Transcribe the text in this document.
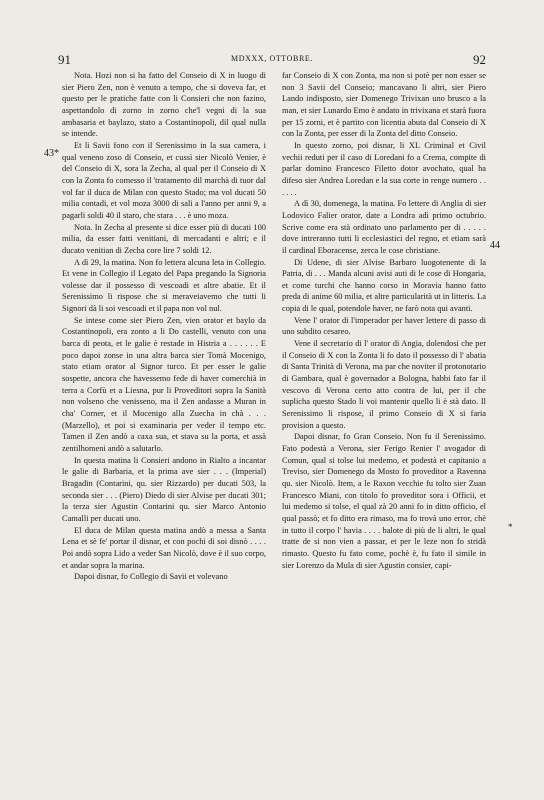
91	MDXXX, OTTOBRE.	92
43*
44
*

Nota. Hozi non si ha fatto del Conseio di X in luogo di sier Piero Zen, non è venuto a tempo, che si doveva far, et questo per le pratiche fatte con li Consieri che non fazino, aspettandolo di zorno in zorno che'l vegni di la sua ambasaria et baylazo, stato a Costantinopoli, dil qual nulla se intende.

Et li Savii fono con il Serenissimo in la sua camera, i qual veneno zoso di Conseio, et cussì sier Nicolò Venier, è del Conseio di X, sora la Zecha, al qual per il Conseio di X con la Zonta fo comesso il 'tratamento dil marchà di tuor dal vol far il duca de Milan con questo Stado; ma vol ducati 50 milia contadi, et vol moza 3000 di sali a l'anno per anni 9, a pagarli soldi 40 il staro, che stara . . . è uno moza.

Nota. In Zecha al presente si dice esser più di ducati 100 milia, da esser fatti venitiani, di mercadanti e altri; e il ducato venitian di Zecha core lire 7 soldi 12.

A dì 29, la matina. Non fo lettera alcuna leta in Collegio. Et vene in Collegio il Legato del Papa pregando la Signoria volesse dar il possesso di vescoadi et altre abatie. Et il Serenissimo li rispose che si meraveiavemo che tutti li Signori dà li soi vescoadi et il papa non vol nul.

Se intese come sier Piero Zen, vien orator et baylo da Costantinopoli, era zonto a li Do castelli, venuto con una barca di peota, et le galie è restade in Histria a . . . . . . E poco dapoi zonse in una altra barca sier Tomà Mocenigo, stato etiam orator al Signor turco. Et per esser le galie sospette, ancora che havessemo fede di haver comerchià in terra a Corfù et a Liesna, pur li Proveditori sopra la Sanità non volseno che venisseno, ma il Zen andasse a Muran in cha' Corner, et il Mocenigo alla Zuecha in chà . . . (Marzello), et poi si examinaria per veder il tempo etc. Tamen il Zen andò a caxa sua, et stava su la porta, et assà zentilhomeni andò a salutarlo.

In questa matina li Consieri andono in Rialto a incantar le galie di Barbaria, et la prima ave sier . . . (Imperial) Bragadin (Contarini, qu. sier Rizzardo) per ducati 503, la seconda sier . . . (Piero) Diedo di sier Alvise per ducati 301; la terza sier Agustin Contarini qu. sier Marco Antonio Camalli per ducati uno.

El duca de Milan questa matina andò a messa a Santa Lena et sè fe' portar il disnar, et con pochi di soi disnò . . . . Poi andò sopra Lido a veder San Nicolò, dove è il suo corpo, et andar sopra la marina.

Dapoi disnar, fo Collegio di Savii et volevano

far Conseio di X con Zonta, ma non si potè per non esser se non 3 Savii del Conseio; mancavano li altri, sier Piero Lando indisposto, sier Domenego Trivixan uno brusco a la man, et sier Lunardo Emo è andato in trivixana et starà fuora per 15 zorni, et è partito con licentia abuta dal Conseio di X con la Zonta, per esser di la Zonta del ditto Conseio.

In questo zorno, poi disnar, li XL Criminal et Civil vechii reduti per il caso di Loredani fo a Crema, compite di parlar domino Francesco Filetto dotor avochato, qual ha difeso sier Andrea Loredan e la sua corte in renge numero . . . . . .

A dì 30, domenega, la matina. Fo lettere di Anglia di sier Lodovico Falier orator, date a Londra adì primo octubrio. Scrive come era stà ordinato uno parlamento per di . . . . . dove intreranno tutti li ecclesiastici del regno, et etiam sarà il cardinal Eboracense, zerca le cose christiane.

Di Udene, di sier Alvise Barbaro luogotenente di la Patria, di . . . Manda alcuni avisi auti di le cose di Hongaria, et come turchi che hanno corso in Moravia hanno fatto preda di anime 60 milia, et altre particularità ut in litteris. La copia di le qual, potendole haver, ne farò nota qui avanti.

Vene l' orator di l'imperador per haver lettere di passo di uno subdito cesareo.

Vene il secretario di l' orator di Angia, dolendosi che per il Conseio di X con la Zonta li fo dato il possesso di l' abatia di Santa Trinità di Verona, ma par che noviter il protonotario di Gambara, qual è governador a Bologna, habbi fato far il vescovo di Verona certo atto contra de lui, per il che suplicha questo Stado li voi mantenir quello li è stà dato. Il Serenissimo li rispose, il primo Conseio di X si faria provision a questo.

Dapoi disnar, fo Gran Conseio. Non fu il Serenissimo. Fato podestà a Verona, sier Ferigo Renier l' avogador di Comun, qual si tolse lui medemo, et podestà et capitanio a Treviso, sier Domenego da Mosto fo proveditor a Ravenna qu. sier Nicolò. Item, a le Raxon vecchie fu tolto sier Zuan Francesco Miani, con titolo fo proveditor sora i Officii, et lui medemo si tolse, el qual zà 20 anni fo in ditto officio, el qual passò; et fo ditto era rimaso, ma fo trovà uno error, chè in tutto il corpo l' havia . . . . balote di più de li altri, le qual tratte de si non vien a passar, et per le leze non fo stridà rimasto. Questo fu fato come, pochè è, fu fato il simile in sier Lorenzo da Mula di sier Agustin consier, capi-
